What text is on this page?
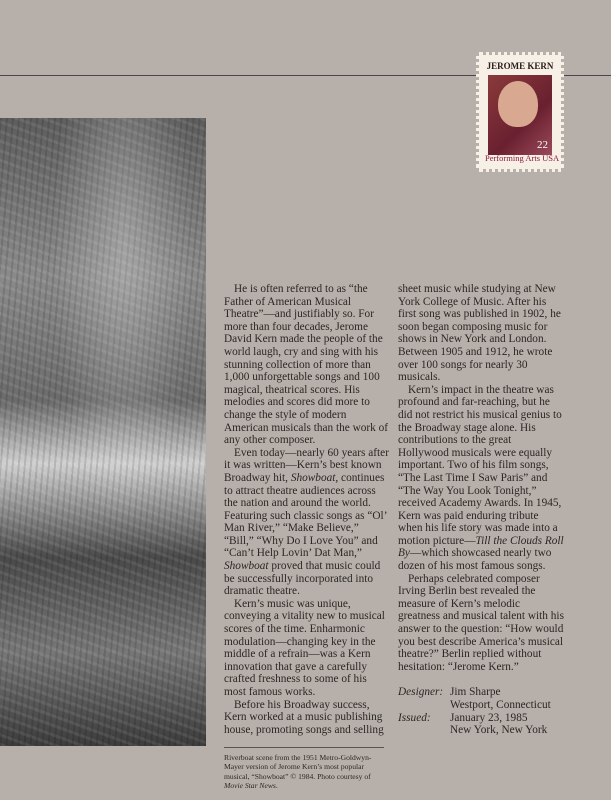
JEROME KERN
22
Performing Arts USA

He is often referred to as “the Father of American Musical Theatre”—and justifiably so. For more than four decades, Jerome David Kern made the people of the world laugh, cry and sing with his stunning collection of more than 1,000 unforgettable songs and 100 magical, theatrical scores. His melodies and scores did more to change the style of modern American musicals than the work of any other composer.

Even today—nearly 60 years after it was written—Kern’s best known Broadway hit, Showboat, continues to attract theatre audiences across the nation and around the world. Featuring such classic songs as “Ol’ Man River,” “Make Believe,” “Bill,” “Why Do I Love You” and “Can’t Help Lovin’ Dat Man,” Showboat proved that music could be successfully incorporated into dramatic theatre.

Kern’s music was unique, conveying a vitality new to musical scores of the time. Enharmonic modulation—changing key in the middle of a refrain—was a Kern innovation that gave a carefully crafted freshness to some of his most famous works.

Before his Broadway success, Kern worked at a music publishing house, promoting songs and selling sheet music while studying at New York College of Music. After his first song was published in 1902, he soon began composing music for shows in New York and London. Between 1905 and 1912, he wrote over 100 songs for nearly 30 musicals.

Kern’s impact in the theatre was profound and far-reaching, but he did not restrict his musical genius to the Broadway stage alone. His contributions to the great Hollywood musicals were equally important. Two of his film songs, “The Last Time I Saw Paris” and “The Way You Look Tonight,” received Academy Awards. In 1945, Kern was paid enduring tribute when his life story was made into a motion picture—Till the Clouds Roll By—which showcased nearly two dozen of his most famous songs.

Perhaps celebrated composer Irving Berlin best revealed the measure of Kern’s melodic greatness and musical talent with his answer to the question: “How would you best describe America’s musical theatre?” Berlin replied without hesitation: “Jerome Kern.”

Designer: Jim Sharpe
Westport, Connecticut
Issued:	January 23, 1985
New York, New York
Riverboat scene from the 1951 Metro-Goldwyn-Mayer version of Jerome Kern’s most popular musical, “Showboat” © 1984. Photo courtesy of Movie Star News.
